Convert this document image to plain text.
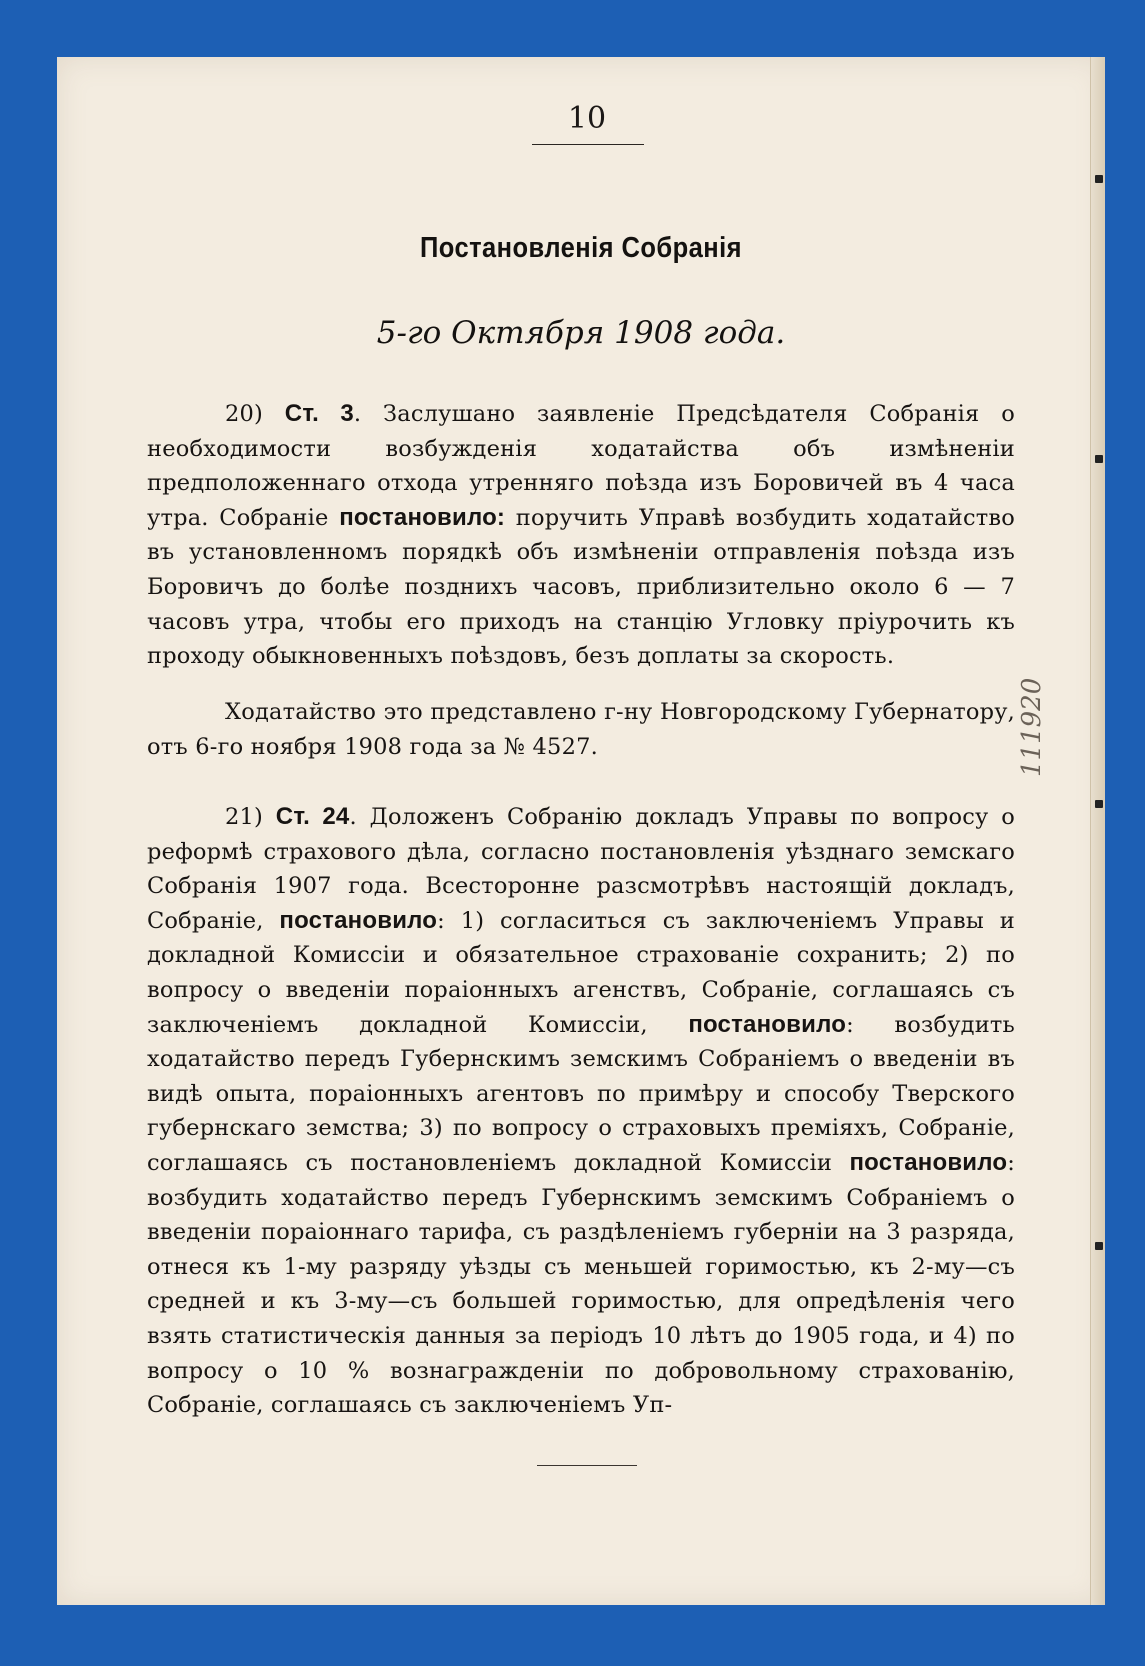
10
Постановленія Собранія
5-го Октября 1908 года.
20) Ст. 3. Заслушано заявленіе Предсѣдателя Собранія о необходимости возбужденія ходатайства объ измѣненіи предположеннаго отхода утренняго поѣзда изъ Боровичей въ 4 часа утра. Собраніе постановило: поручить Управѣ возбудить ходатайство въ установленномъ порядкѣ объ измѣненіи отправленія поѣзда изъ Боровичъ до болѣе позднихъ часовъ, приблизительно около 6 — 7 часовъ утра, чтобы его приходъ на станцію Угловку пріурочить къ проходу обыкновенныхъ поѣздовъ, безъ доплаты за скорость.
Ходатайство это представлено г-ну Новгородскому Губернатору, отъ 6-го ноября 1908 года за № 4527.
21) Ст. 24. Доложенъ Собранію докладъ Управы по вопросу о реформѣ страхового дѣла, согласно постановленія уѣзднаго земскаго Собранія 1907 года. Всесторонне разсмотрѣвъ настоящій докладъ, Собраніе, постановило: 1) согласиться съ заключеніемъ Управы и докладной Комиссіи и обязательное страхованіе сохранить; 2) по вопросу о введеніи пораіонныхъ агенствъ, Собраніе, соглашаясь съ заключеніемъ докладной Комиссіи, постановило: возбудить ходатайство передъ Губернскимъ земскимъ Собраніемъ о введеніи въ видѣ опыта, пораіонныхъ агентовъ по примѣру и способу Тверского губернскаго земства; 3) по вопросу о страховыхъ преміяхъ, Собраніе, соглашаясь съ постановленіемъ докладной Комиссіи постановило: возбудить ходатайство передъ Губернскимъ земскимъ Собраніемъ о введеніи пораіоннаго тарифа, съ раздѣленіемъ губерніи на 3 разряда, отнеся къ 1-му разряду уѣзды съ меньшей горимостью, къ 2-му—съ средней и къ 3-му—съ большей горимостью, для опредѣленія чего взять статистическія данныя за періодъ 10 лѣтъ до 1905 года, и 4) по вопросу о 10 % вознагражденіи по добровольному страхованію, Собраніе, соглашаясь съ заключеніемъ Уп-
111920
